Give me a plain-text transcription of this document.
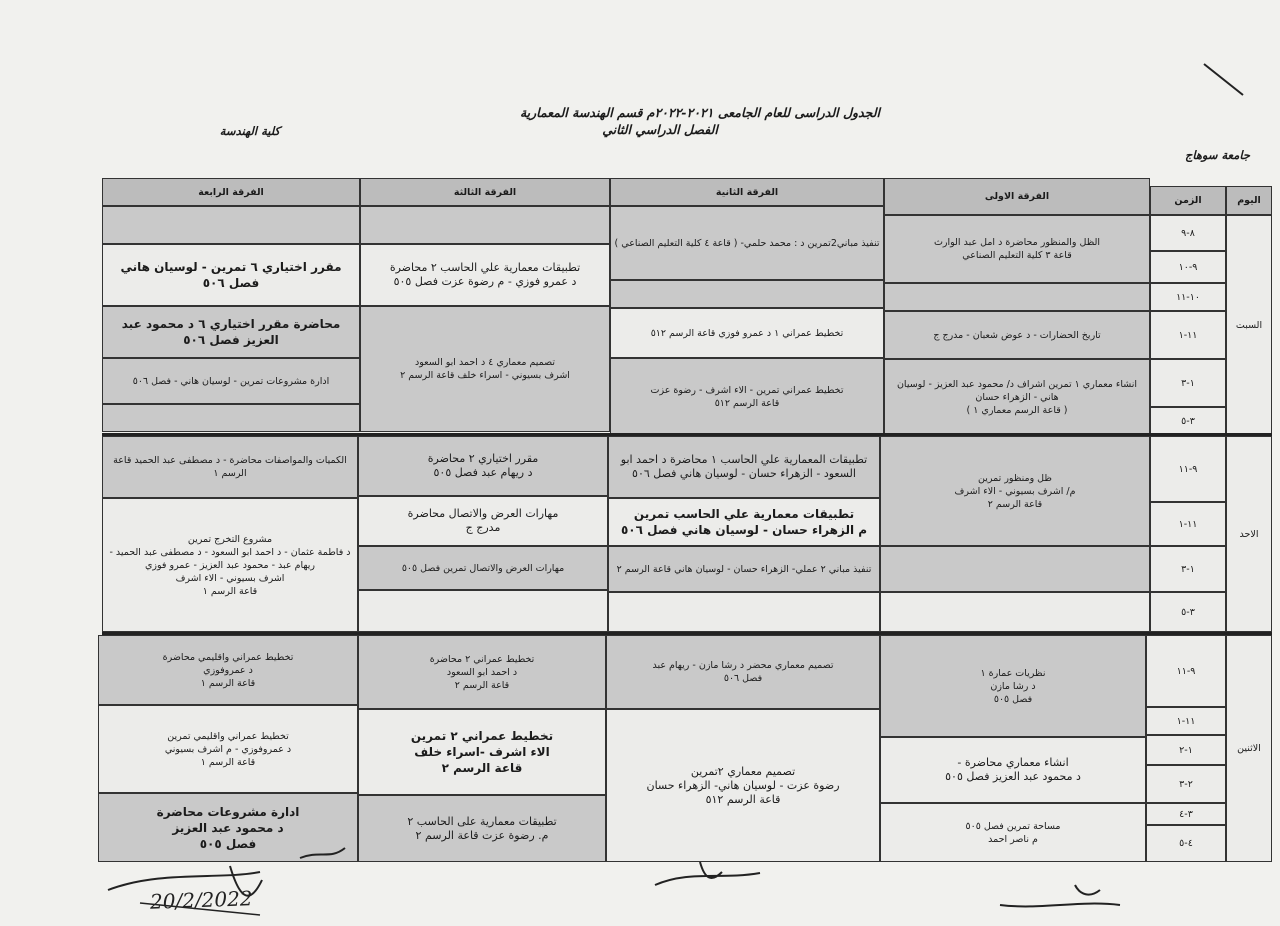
الجدول الدراسى للعام الجامعى ٢٠٢١-٢٠٢٢م قسم الهندسة المعمارية
الفصل الدراسي الثاني
كلية الهندسة
جامعة سوهاج
اليوم
الزمن
الفرقة الاولى
الفرقة الثانية
الفرقة الثالثة
الفرقة الرابعة
السبت
٨-٩
٩-١٠
١٠-١١
١١-١
١-٣
٣-٥
الظل والمنظور محاضرة د امل عبد الوارث
قاعة ٣ كلية التعليم الصناعي
تاريخ الحضارات - د عوض شعبان - مدرج ج
انشاء معماري ١ تمرين اشراف د/ محمود عبد العزيز - لوسيان هاني - الزهراء حسان
( قاعة الرسم معماري ١ )
تنفيذ مباني2تمرين د : محمد حلمي- ( قاعة ٤ كلية التعليم الصناعي )
تخطيط عمراني ١ د عمرو فوزي قاعة الرسم ٥١٢
تخطيط عمراني تمرين - الاء اشرف - رضوة عزت
قاعة الرسم ٥١٢
تطبيقات معمارية علي الحاسب ٢ محاضرة
د عمرو فوزي - م رضوة عزت فصل ٥٠٥
تصميم معماري ٤ د احمد ابو السعود
اشرف بسيوني - اسراء خلف قاعة الرسم ٢
مقرر اختياري ٦ تمرين - لوسيان هاني
فصل ٥٠٦
محاضرة مقرر اختياري ٦ د محمود عبد العزيز فصل ٥٠٦
ادارة مشروعات تمرين - لوسيان هاني - فصل ٥٠٦
الاحد
٩-١١
١١-١
١-٣
٣-٥
ظل ومنظور تمرين
م/ اشرف بسيوني - الاء اشرف
قاعة الرسم ٢
تطبيقات المعمارية علي الحاسب ١ محاضرة د احمد ابو السعود - الزهراء حسان - لوسيان هاني فصل ٥٠٦
تطبيقات معمارية علي الحاسب تمرين
م الزهراء حسان - لوسيان هاني فصل ٥٠٦
تنفيذ مباني ٢ عملي- الزهراء حسان - لوسيان هاني قاعة الرسم ٢
مقرر اختياري ٢ محاضرة
د ريهام عبد فصل ٥٠٥
مهارات العرض والاتصال محاضرة
مدرج ج
مهارات العرض والاتصال تمرين فصل ٥٠٥
الكميات والمواصفات محاضرة - د مصطفى عبد الحميد قاعة الرسم ١
مشروع التخرج تمرين
د فاطمة عثمان - د احمد ابو السعود - د مصطفى عبد الحميد - ريهام عبد - محمود عبد العزيز - عمرو فوزي
اشرف بسيوني - الاء اشرف
قاعة الرسم ١
الاثنين
٩-١١
١١-١
١-٢
٢-٣
٣-٤
٤-٥
نظريات عمارة ١
د رشا مازن
فصل ٥٠٥
انشاء معماري محاضرة -
د محمود عبد العزيز فصل ٥٠٥
مساحة تمرين فصل ٥٠٥
م ناصر احمد
تصميم معماري محضر د رشا مازن - ريهام عبد
فصل ٥٠٦
تصميم معماري ٢تمرين
رضوة عزت - لوسيان هاني- الزهراء حسان
قاعة الرسم ٥١٢
تخطيط عمراني ٢ محاضرة
د احمد ابو السعود
قاعة الرسم ٢
تخطيط عمراني ٢ تمرين
الاء اشرف -اسراء خلف
قاعة الرسم ٢
تطبيقات معمارية على الحاسب ٢
م. رضوة عزت قاعة الرسم ٢
تخطيط عمراني واقليمي محاضرة
د عمروفوزي
قاعة الرسم ١
تخطيط عمراني واقليمي تمرين
د عمروفوزي - م اشرف بسيوني
قاعة الرسم ١
ادارة مشروعات محاضرة
د محمود عبد العزيز
فصل ٥٠٥
20/2/2022
